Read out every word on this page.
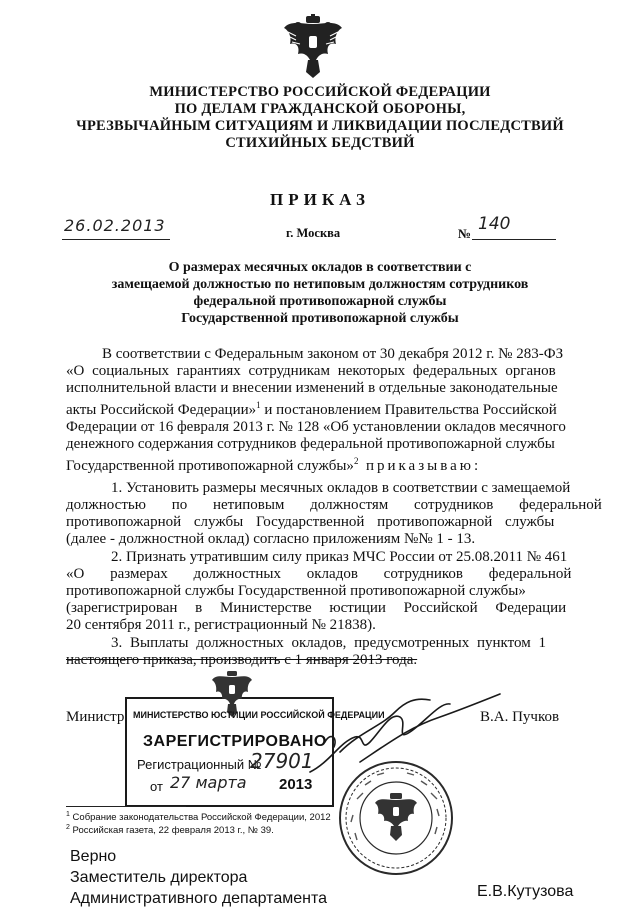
МИНИСТЕРСТВО РОССИЙСКОЙ ФЕДЕРАЦИИ
ПО ДЕЛАМ ГРАЖДАНСКОЙ ОБОРОНЫ,
ЧРЕЗВЫЧАЙНЫМ СИТУАЦИЯМ И ЛИКВИДАЦИИ ПОСЛЕДСТВИЙ
СТИХИЙНЫХ БЕДСТВИЙ
ПРИКАЗ
26.02.2013	г. Москва	№ 140
О размерах месячных окладов в соответствии с
замещаемой должностью по нетиповым должностям сотрудников
федеральной противопожарной службы
Государственной противопожарной службы
В соответствии с Федеральным законом от 30 декабря 2012 г. № 283-ФЗ
«О социальных гарантиях сотрудникам некоторых федеральных органов
исполнительной власти и внесении изменений в отдельные законодательные
акты Российской Федерации»$^1$ и постановлением Правительства Российской
Федерации от 16 февраля 2013 г. № 128 «Об установлении окладов месячного
денежного содержания сотрудников федеральной противопожарной службы
Государственной противопожарной службы»$^2$ приказываю:
1. Установить размеры месячных окладов в соответствии с замещаемой
должностью по нетиповым должностям сотрудников федеральной
противопожарной службы Государственной противопожарной службы
(далее - должностной оклад) согласно приложениям №№ 1 - 13.
2. Признать утратившим силу приказ МЧС России от 25.08.2011 № 461
«О размерах должностных окладов сотрудников федеральной
противопожарной службы Государственной противопожарной службы»
(зарегистрирован в Министерстве юстиции Российской Федерации
20 сентября 2011 г., регистрационный № 21838).
3. Выплаты должностных окладов, предусмотренных пунктом 1
настоящего приказа, производить с 1 января 2013 года.
Министр	В.А. Пучков
МИНИСТЕРСТВО ЮСТИЦИИ РОССИЙСКОЙ ФЕДЕРАЦИИ
ЗАРЕГИСТРИРОВАНО
Регистрационный №
27901
от 27 марта 2013
$^1$ Собрание законодательства Российской Федерации, 2012
$^2$ Российская газета, 22 февраля 2013 г., № 39.
Верно
Заместитель директора
Административного департамента	Е.В.Кутузова
